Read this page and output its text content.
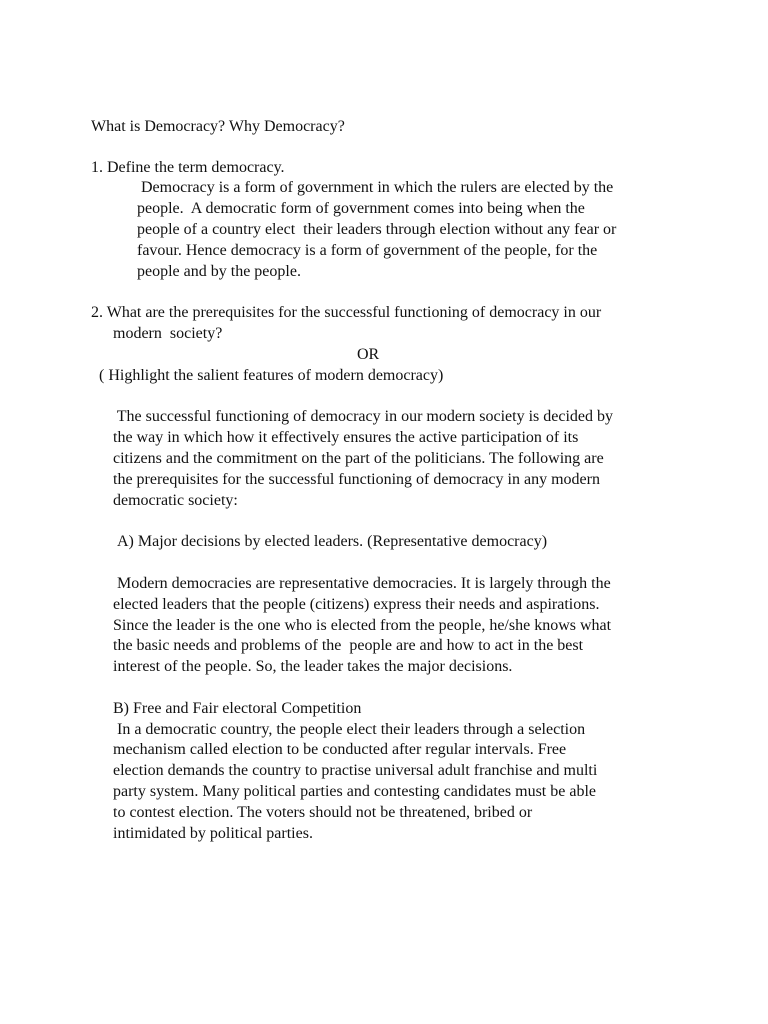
What is Democracy? Why Democracy?

1. Define the term democracy.

Democracy is a form of government in which the rulers are elected by the

people.  A democratic form of government comes into being when the

people of a country elect  their leaders through election without any fear or

favour. Hence democracy is a form of government of the people, for the

people and by the people.

2. What are the prerequisites for the successful functioning of democracy in our

modern  society?

OR

( Highlight the salient features of modern democracy)

The successful functioning of democracy in our modern society is decided by

the way in which how it effectively ensures the active participation of its

citizens and the commitment on the part of the politicians. The following are

the prerequisites for the successful functioning of democracy in any modern

democratic society:

A) Major decisions by elected leaders. (Representative democracy)

Modern democracies are representative democracies. It is largely through the

elected leaders that the people (citizens) express their needs and aspirations.

Since the leader is the one who is elected from the people, he/she knows what

the basic needs and problems of the  people are and how to act in the best

interest of the people. So, the leader takes the major decisions.

B) Free and Fair electoral Competition

In a democratic country, the people elect their leaders through a selection

mechanism called election to be conducted after regular intervals. Free

election demands the country to practise universal adult franchise and multi

party system. Many political parties and contesting candidates must be able

to contest election. The voters should not be threatened, bribed or

intimidated by political parties.
